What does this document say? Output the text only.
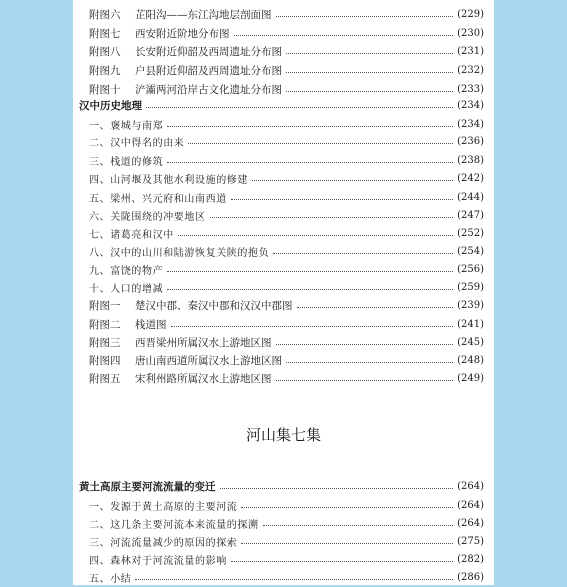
附图六	芷阳沟——东江沟地层剖面图	(229)
附图七	西安附近阶地分布图	(230)
附图八	长安附近仰韶及西周遗址分布图	(231)
附图九	户县附近仰韶及西周遗址分布图	(232)
附图十	浐灞两河沿岸古文化遗址分布图	(233)
汉中历史地理	(234)
一、褒城与南郑	(234)
二、汉中得名的由来	(236)
三、栈道的修筑	(238)
四、山河堰及其他水利设施的修建	(242)
五、梁州、兴元府和山南西道	(244)
六、关陇围绕的冲要地区	(247)
七、诸葛亮和汉中	(252)
八、汉中的山川和陆游恢复关陕的抱负	(254)
九、富饶的物产	(256)
十、人口的增减	(259)
附图一	楚汉中郡、秦汉中郡和汉汉中郡图	(239)
附图二	栈道图	(241)
附图三	西晋梁州所属汉水上游地区图	(245)
附图四	唐山南西道所属汉水上游地区图	(248)
附图五	宋利州路所属汉水上游地区图	(249)
河山集七集
黄土高原主要河流流量的变迁	(264)
一、发源于黄土高原的主要河流	(264)
二、这几条主要河流本来流量的探溯	(264)
三、河流流量减少的原因的探索	(275)
四、森林对于河流流量的影响	(282)
五、小结	(286)
